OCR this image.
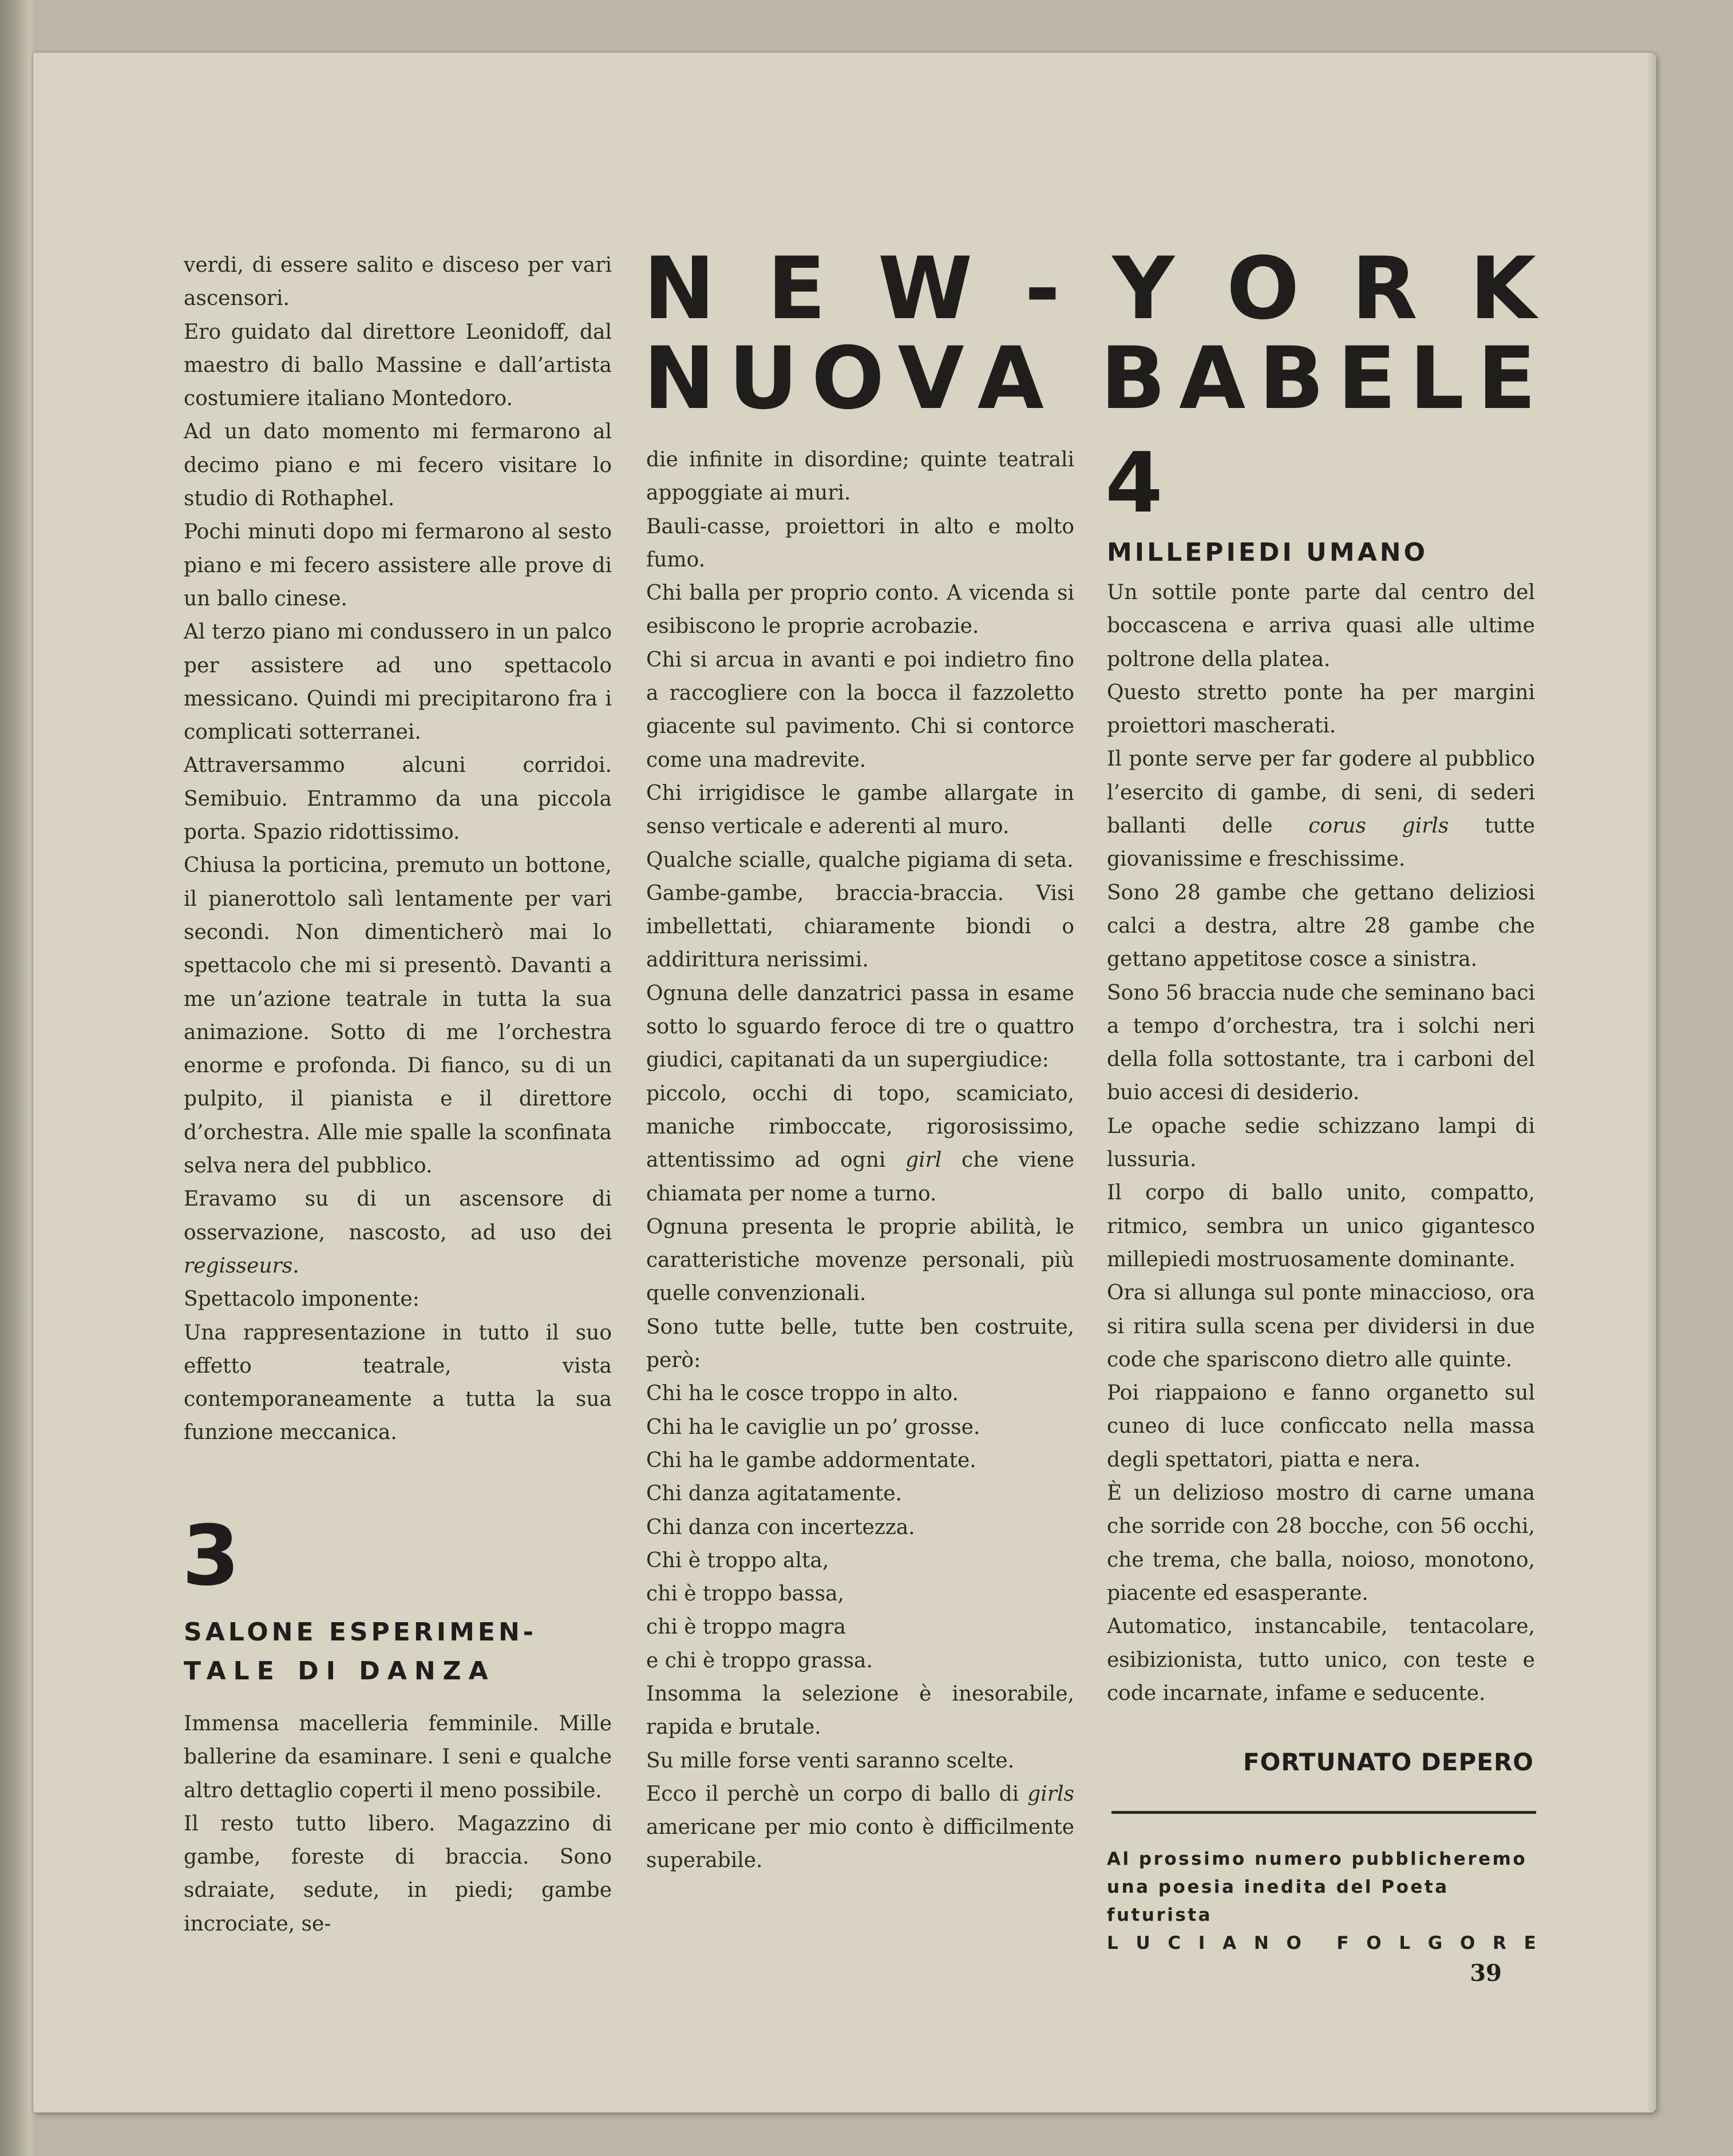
N E W - Y O R K
N U O V A
B A B E L E

verdi, di essere salito e disceso per vari ascensori.

Ero guidato dal direttore Leonidoff, dal maestro di ballo Massine e dall’artista costumiere italiano Montedoro.

Ad un dato momento mi fermarono al decimo piano e mi fecero visitare lo studio di Rothaphel.

Pochi minuti dopo mi fermarono al sesto piano e mi fecero assistere alle prove di un ballo cinese.

Al terzo piano mi condussero in un palco per assistere ad uno spettacolo messicano. Quindi mi precipitarono fra i complicati sotterranei.

Attraversammo alcuni corridoi. Semibuio. Entrammo da una piccola porta. Spazio ridottissimo.

Chiusa la porticina, premuto un bottone, il pianerottolo salì lentamente per vari secondi. Non dimenticherò mai lo spettacolo che mi si presentò. Davanti a me un’azione teatrale in tutta la sua animazione. Sotto di me l’orchestra enorme e profonda. Di fianco, su di un pulpito, il pianista e il direttore d’orchestra. Alle mie spalle la sconfinata selva nera del pubblico.

Eravamo su di un ascensore di osservazione, nascosto, ad uso dei regisseurs.

Spettacolo imponente:

Una rappresentazione in tutto il suo effetto teatrale, vista contemporaneamente a tutta la sua funzione meccanica.

3
SALONE ESPERIMEN-
TALE DI DANZA

Immensa macelleria femminile. Mille ballerine da esaminare. I seni e qualche altro dettaglio coperti il meno possibile.

Il resto tutto libero. Magazzino di gambe, foreste di braccia. Sono sdraiate, sedute, in piedi; gambe incrociate, se-

die infinite in disordine; quinte teatrali appoggiate ai muri.

Bauli-casse, proiettori in alto e molto fumo.

Chi balla per proprio conto. A vicenda si esibiscono le proprie acrobazie.

Chi si arcua in avanti e poi indietro fino a raccogliere con la bocca il fazzoletto giacente sul pavimento. Chi si contorce come una madrevite.

Chi irrigidisce le gambe allargate in senso verticale e aderenti al muro.

Qualche scialle, qualche pigiama di seta.

Gambe-gambe, braccia-braccia. Visi imbellettati, chiaramente biondi o addirittura nerissimi.

Ognuna delle danzatrici passa in esame sotto lo sguardo feroce di tre o quattro giudici, capitanati da un supergiudice:

piccolo, occhi di topo, scamiciato, maniche rimboccate, rigorosissimo, attentissimo ad ogni girl che viene chiamata per nome a turno.

Ognuna presenta le proprie abilità, le caratteristiche movenze personali, più quelle convenzionali.

Sono tutte belle, tutte ben costruite, però:

Chi ha le cosce troppo in alto.

Chi ha le caviglie un po’ grosse.

Chi ha le gambe addormentate.

Chi danza agitatamente.

Chi danza con incertezza.

Chi è troppo alta,

chi è troppo bassa,

chi è troppo magra

e chi è troppo grassa.

Insomma la selezione è inesorabile, rapida e brutale.

Su mille forse venti saranno scelte.

Ecco il perchè un corpo di ballo di girls americane per mio conto è difficilmente superabile.

4
MILLEPIEDI UMANO

Un sottile ponte parte dal centro del boccascena e arriva quasi alle ultime poltrone della platea.

Questo stretto ponte ha per margini proiettori mascherati.

Il ponte serve per far godere al pubblico l’esercito di gambe, di seni, di sederi ballanti delle corus girls tutte giovanissime e freschissime.

Sono 28 gambe che gettano deliziosi calci a destra, altre 28 gambe che gettano appetitose cosce a sinistra.

Sono 56 braccia nude che seminano baci a tempo d’orchestra, tra i solchi neri della folla sottostante, tra i carboni del buio accesi di desiderio.

Le opache sedie schizzano lampi di lussuria.

Il corpo di ballo unito, compatto, ritmico, sembra un unico gigantesco millepiedi mostruosamente dominante.

Ora si allunga sul ponte minaccioso, ora si ritira sulla scena per dividersi in due code che spariscono dietro alle quinte.

Poi riappaiono e fanno organetto sul cuneo di luce conficcato nella massa degli spettatori, piatta e nera.

È un delizioso mostro di carne umana che sorride con 28 bocche, con 56 occhi, che trema, che balla, noioso, monotono, piacente ed esasperante.

Automatico, instancabile, tentacolare, esibizionista, tutto unico, con teste e code incarnate, infame e seducente.

FORTUNATO DEPERO
Al prossimo numero pubblicheremo
una poesia inedita del Poeta futurista
L U C I A N O F O L G O R E
39
